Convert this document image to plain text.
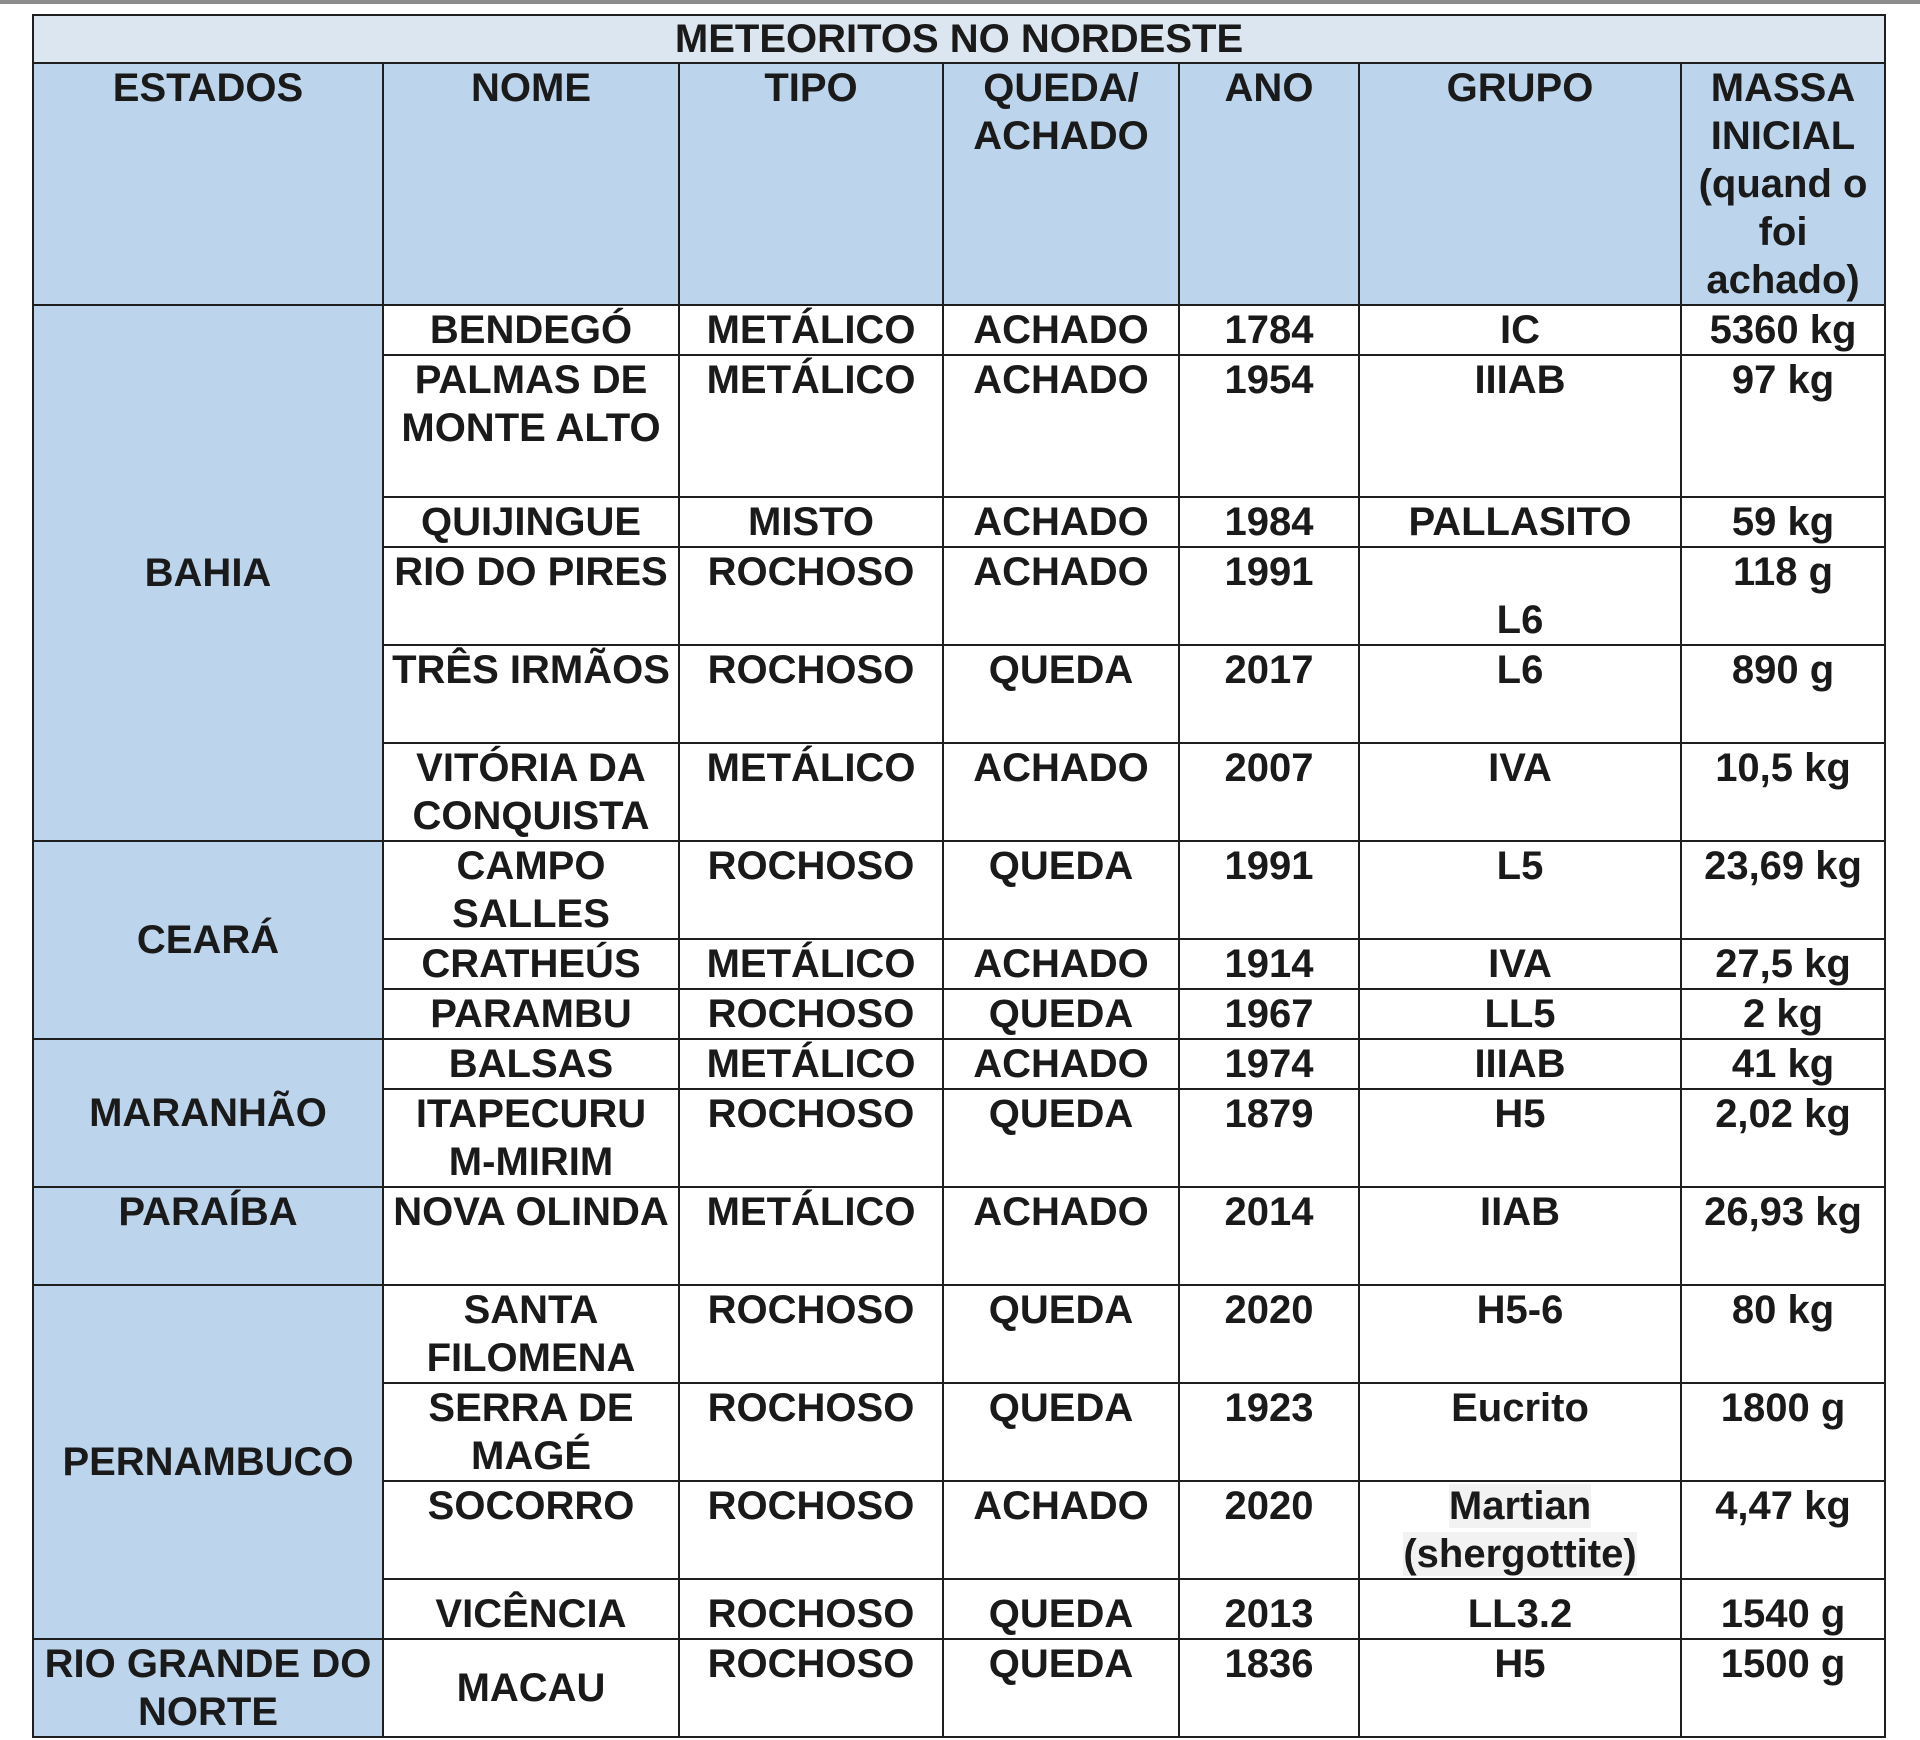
METEORITOS NO NORDESTE						
ESTADOS	NOME	TIPO	QUEDA/ ACHADO	ANO	GRUPO	MASSA INICIAL (quand o foi achado)
BAHIA	BENDEGÓ	METÁLICO	ACHADO	1784	IC	5360 kg
	PALMAS DE MONTE ALTO	METÁLICO	ACHADO	1954	IIIAB	97 kg
	QUIJINGUE	MISTO	ACHADO	1984	PALLASITO	59 kg
	RIO DO PIRES	ROCHOSO	ACHADO	1991	L6	118 g
	TRÊS IRMÃOS	ROCHOSO	QUEDA	2017	L6	890 g
	VITÓRIA DA CONQUISTA	METÁLICO	ACHADO	2007	IVA	10,5 kg
CEARÁ	CAMPO SALLES	ROCHOSO	QUEDA	1991	L5	23,69 kg
	CRATHEÚS	METÁLICO	ACHADO	1914	IVA	27,5 kg
	PARAMBU	ROCHOSO	QUEDA	1967	LL5	2 kg
MARANHÃO	BALSAS	METÁLICO	ACHADO	1974	IIIAB	41 kg
	ITAPECURU M-MIRIM	ROCHOSO	QUEDA	1879	H5	2,02 kg
PARAÍBA	NOVA OLINDA	METÁLICO	ACHADO	2014	IIAB	26,93 kg
PERNAMBUCO	SANTA FILOMENA	ROCHOSO	QUEDA	2020	H5-6	80 kg
	SERRA DE MAGÉ	ROCHOSO	QUEDA	1923	Eucrito	1800 g
	SOCORRO	ROCHOSO	ACHADO	2020	Martian (shergottite)	4,47 kg
	VICÊNCIA	ROCHOSO	QUEDA	2013	LL3.2	1540 g
RIO GRANDE DO NORTE	MACAU	ROCHOSO	QUEDA	1836	H5	1500 g
